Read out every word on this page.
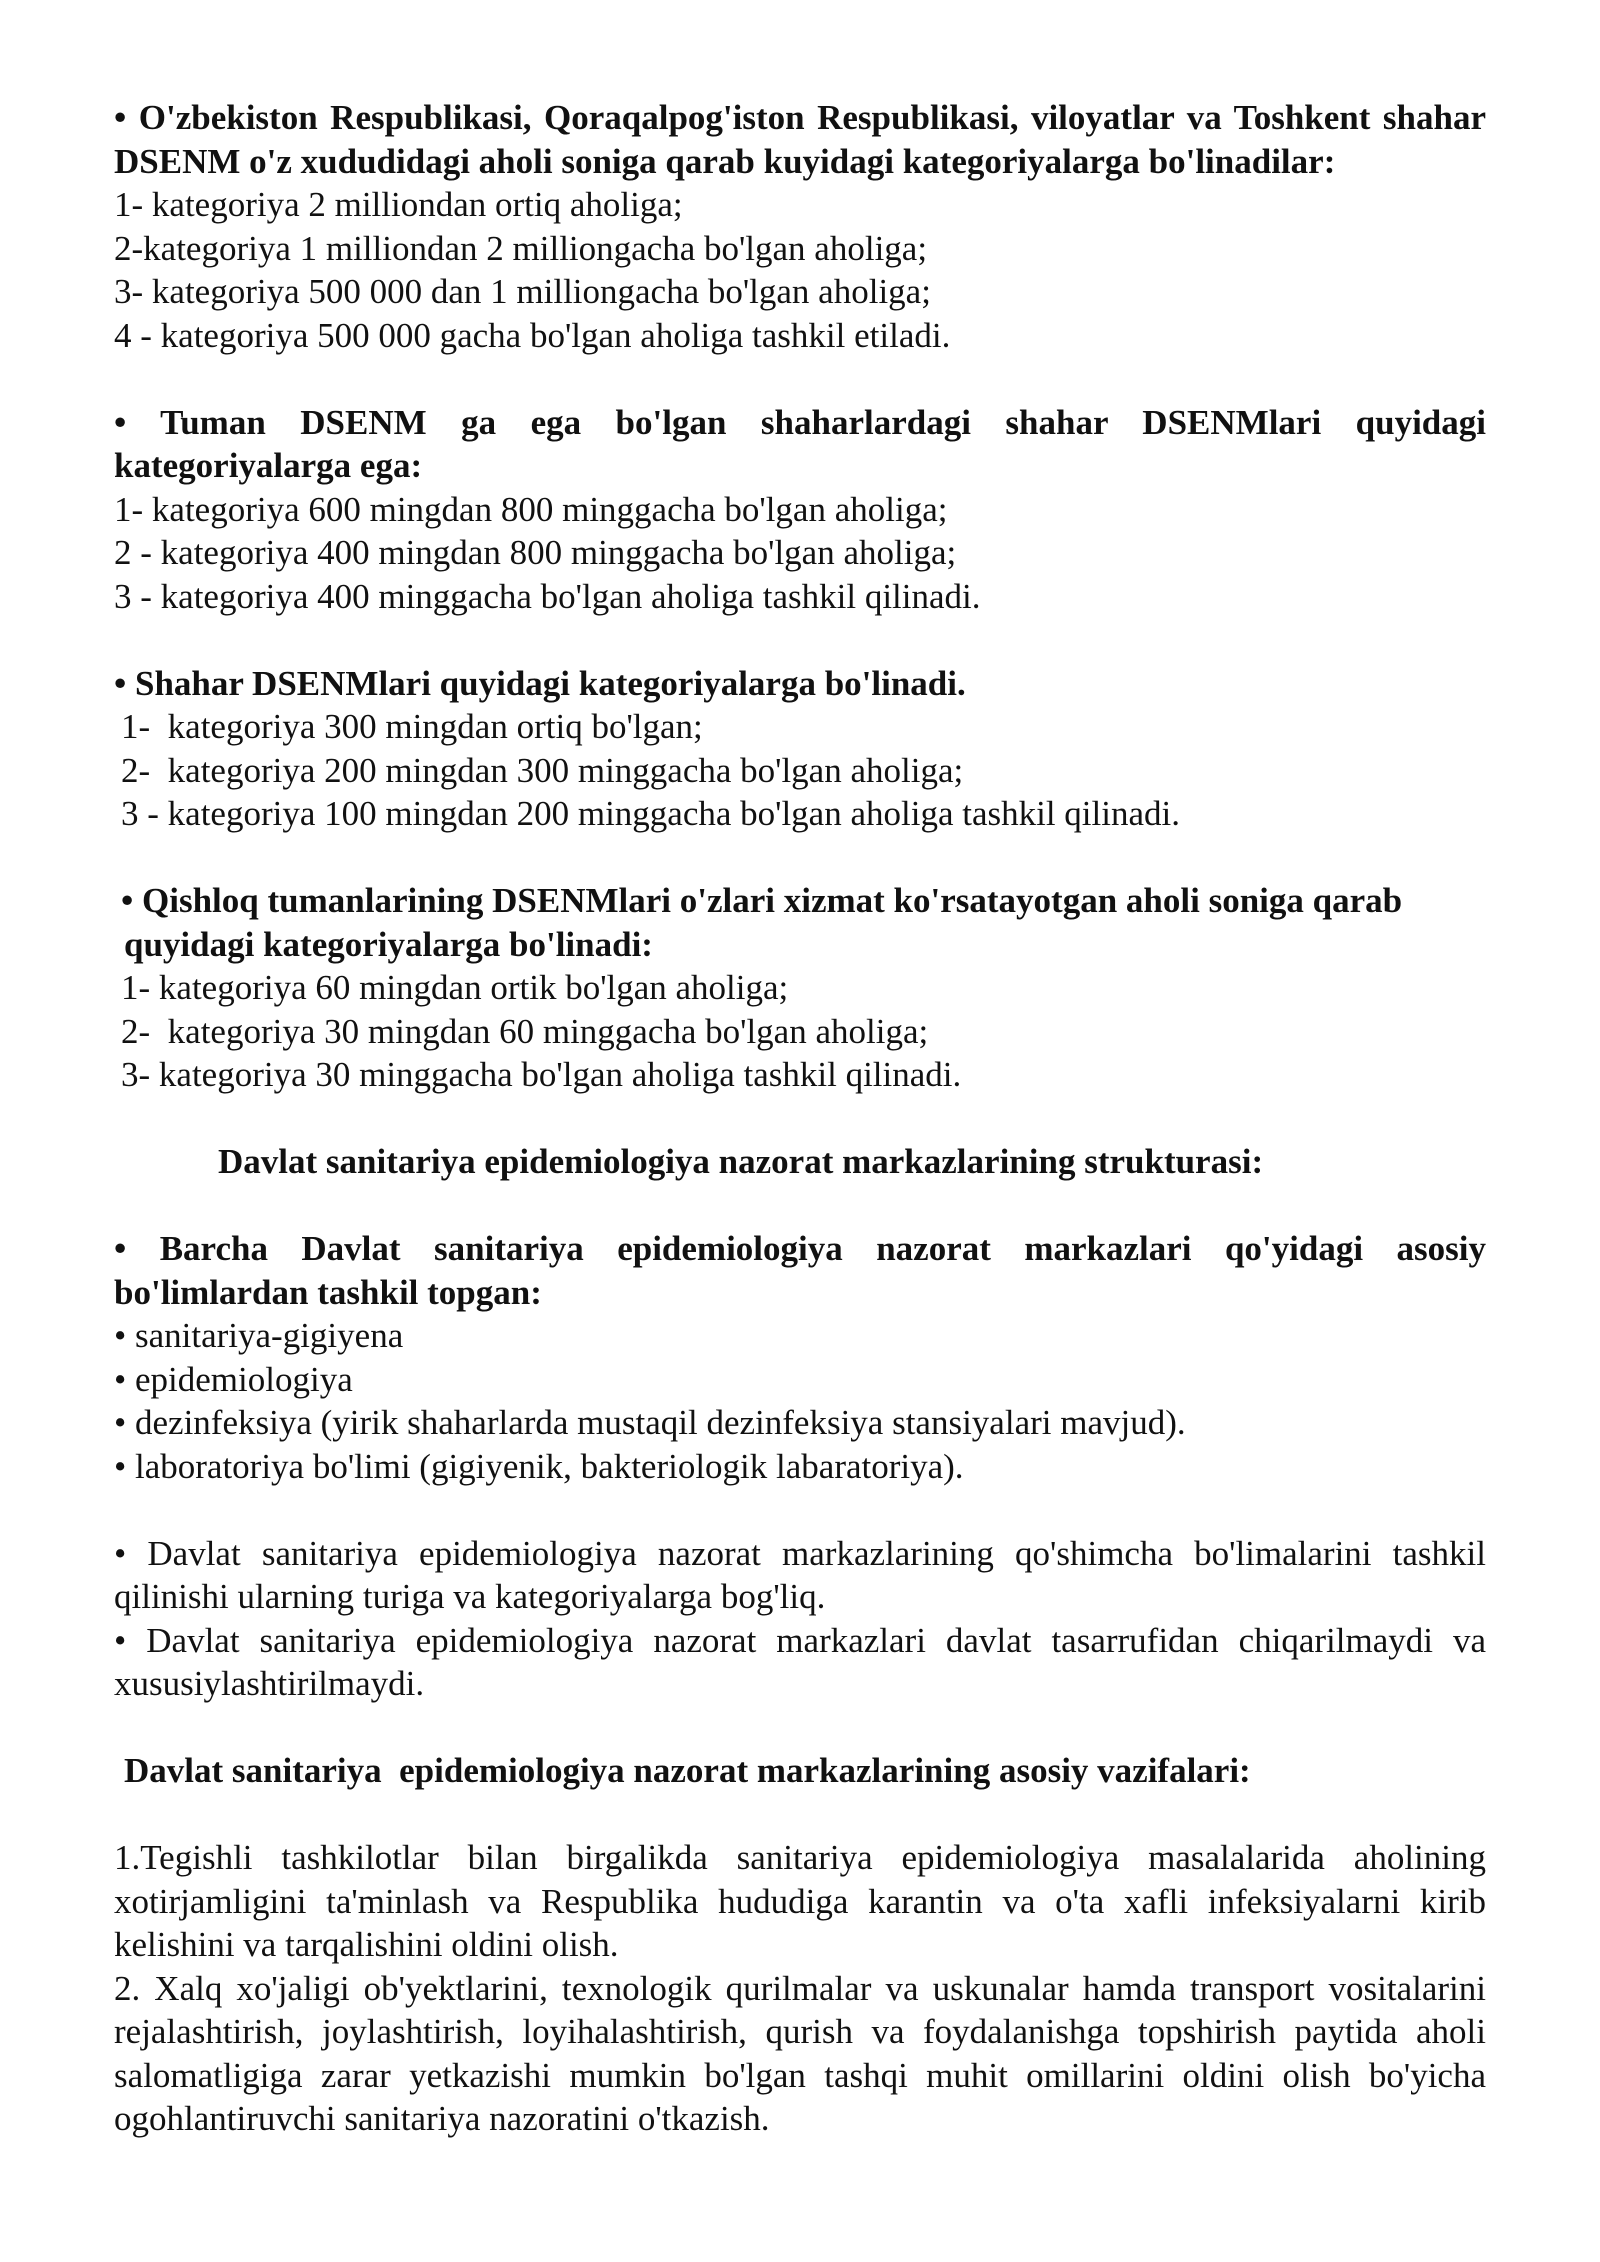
• O'zbekiston Respublikasi, Qoraqalpog'iston Respublikasi, viloyatlar va Toshkent shahar DSENM o'z xududidagi aholi soniga qarab kuyidagi kategoriyalarga bo'linadilar:
1- kategoriya 2 milliondan ortiq aholiga;
2-kategoriya 1 milliondan 2 milliongacha bo'lgan aholiga;
3- kategoriya 500 000 dan 1 milliongacha bo'lgan aholiga;
4 - kategoriya 500 000 gacha bo'lgan aholiga tashkil etiladi.
• Tuman DSENM ga ega bo'lgan shaharlardagi shahar DSENMlari quyidagi kategoriyalarga ega:
1- kategoriya 600 mingdan 800 minggacha bo'lgan aholiga;
2 - kategoriya 400 mingdan 800 minggacha bo'lgan aholiga;
3 - kategoriya 400 minggacha bo'lgan aholiga tashkil qilinadi.
• Shahar DSENMlari quyidagi kategoriyalarga bo'linadi.
1-  kategoriya 300 mingdan ortiq bo'lgan;
2-  kategoriya 200 mingdan 300 minggacha bo'lgan aholiga;
3 - kategoriya 100 mingdan 200 minggacha bo'lgan aholiga tashkil qilinadi.
• Qishloq tumanlarining DSENMlari o'zlari xizmat ko'rsatayotgan aholi soniga qarab
quyidagi kategoriyalarga bo'linadi:
1- kategoriya 60 mingdan ortik bo'lgan aholiga;
2-  kategoriya 30 mingdan 60 minggacha bo'lgan aholiga;
3- kategoriya 30 minggacha bo'lgan aholiga tashkil qilinadi.
Davlat sanitariya epidemiologiya nazorat markazlarining strukturasi:
• Barcha Davlat sanitariya epidemiologiya nazorat markazlari qo'yidagi asosiy bo'limlardan tashkil topgan:
• sanitariya-gigiyena
• epidemiologiya
• dezinfeksiya (yirik shaharlarda mustaqil dezinfeksiya stansiyalari mavjud).
• laboratoriya bo'limi (gigiyenik, bakteriologik labaratoriya).
• Davlat sanitariya epidemiologiya nazorat markazlarining qo'shimcha bo'limalarini tashkil qilinishi ularning turiga va kategoriyalarga bog'liq.
• Davlat sanitariya epidemiologiya nazorat markazlari davlat tasarrufidan chiqarilmaydi va xususiylashtirilmaydi.
Davlat sanitariya  epidemiologiya nazorat markazlarining asosiy vazifalari:
1.Tegishli tashkilotlar bilan birgalikda sanitariya epidemiologiya masalalarida aholining xotirjamligini ta'minlash va Respublika hududiga karantin va o'ta xafli infeksiyalarni kirib kelishini va tarqalishini oldini olish.
2. Xalq xo'jaligi ob'yektlarini, texnologik qurilmalar va uskunalar hamda transport vositalarini rejalashtirish, joylashtirish, loyihalashtirish, qurish va foydalanishga topshirish paytida aholi salomatligiga zarar yetkazishi mumkin bo'lgan tashqi muhit omillarini oldini olish bo'yicha ogohlantiruvchi sanitariya nazoratini o'tkazish.
